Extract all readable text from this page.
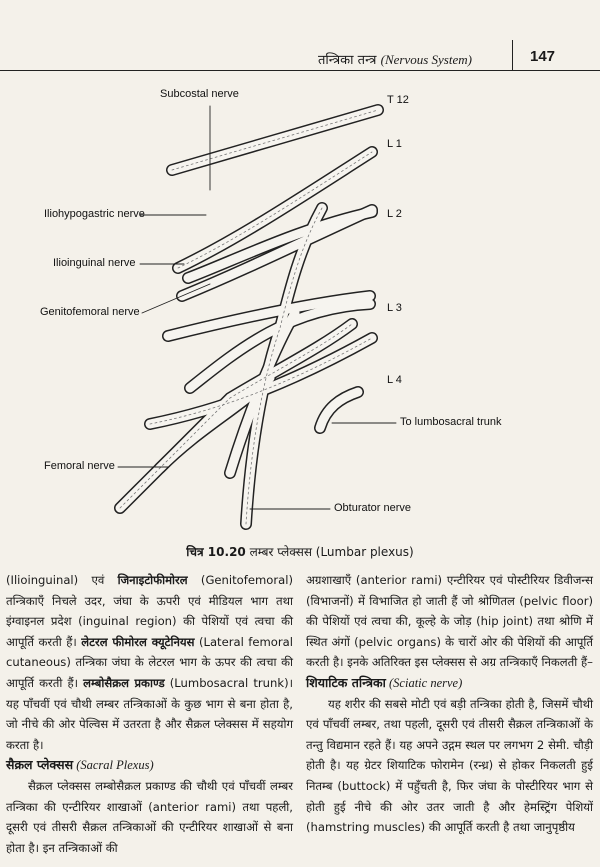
तन्त्रिका तन्त्र (Nervous System)	147
Subcostal nerve
Iliohypogastric nerve
Ilioinguinal nerve
Genitofemoral nerve
Femoral nerve
Obturator nerve
To lumbosacral trunk
T 12
L 1
L 2
L 3
L 4
चित्र 10.20 लम्बर प्लेक्सस (Lumbar plexus)

(Ilioinguinal) एवं जिनाइटोफीमोरल (Genitofemoral) तन्त्रिकाएँ निचले उदर, जंघा के ऊपरी एवं मीडियल भाग तथा इंग्वाइनल प्रदेश (inguinal region) की पेशियों एवं त्वचा की आपूर्ति करती हैं। लेटरल फीमोरल क्यूटेनियस (Lateral femoral cutaneous) तन्त्रिका जंघा के लेटरल भाग के ऊपर की त्वचा की आपूर्ति करती हैं। लम्बोसैक्रल प्रकाण्ड (Lumbosacral trunk)। यह पाँचवीं एवं चौथी लम्बर तन्त्रिकाओं के कुछ भाग से बना होता है, जो नीचे की ओर पेल्विस में उतरता है और सैक्रल प्लेक्सस में सहयोग करता है।

सैक्रल प्लेक्सस (Sacral Plexus)

सैक्रल प्लेक्सस लम्बोसैक्रल प्रकाण्ड की चौथी एवं पाँचवीं लम्बर तन्त्रिका की एन्टीरियर शाखाओं (anterior rami) तथा पहली, दूसरी एवं तीसरी सैक्रल तन्त्रिकाओं की एन्टीरियर शाखाओं से बना होता है। इन तन्त्रिकाओं की

अग्रशाखाएँ (anterior rami) एन्टीरियर एवं पोस्टीरियर डिवीजन्स (विभाजनों) में विभाजित हो जाती हैं जो श्रोणितल (pelvic floor) की पेशियों एवं त्वचा की, कूल्हे के जोड़ (hip joint) तथा श्रोणि में स्थित अंगों (pelvic organs) के चारों ओर की पेशियों की आपूर्ति करती है। इनके अतिरिक्त इस प्लेक्सस से अग्र तन्त्रिकाएँ निकलती हैं–

शियाटिक तन्त्रिका (Sciatic nerve)

यह शरीर की सबसे मोटी एवं बड़ी तन्त्रिका होती है, जिसमें चौथी एवं पाँचवीं लम्बर, तथा पहली, दूसरी एवं तीसरी सैक्रल तन्त्रिकाओं के तन्तु विद्यमान रहते हैं। यह अपने उद्गम स्थल पर लगभग 2 सेमी. चौड़ी होती है। यह ग्रेटर शियाटिक फोरामेन (रन्ध्र) से होकर निकलती हुई नितम्ब (buttock) में पहुँचती है, फिर जंघा के पोस्टीरियर भाग से होती हुई नीचे की ओर उतर जाती है और हेमस्ट्रिंग पेशियों (hamstring muscles) की आपूर्ति करती है तथा जानुपृष्ठीय
